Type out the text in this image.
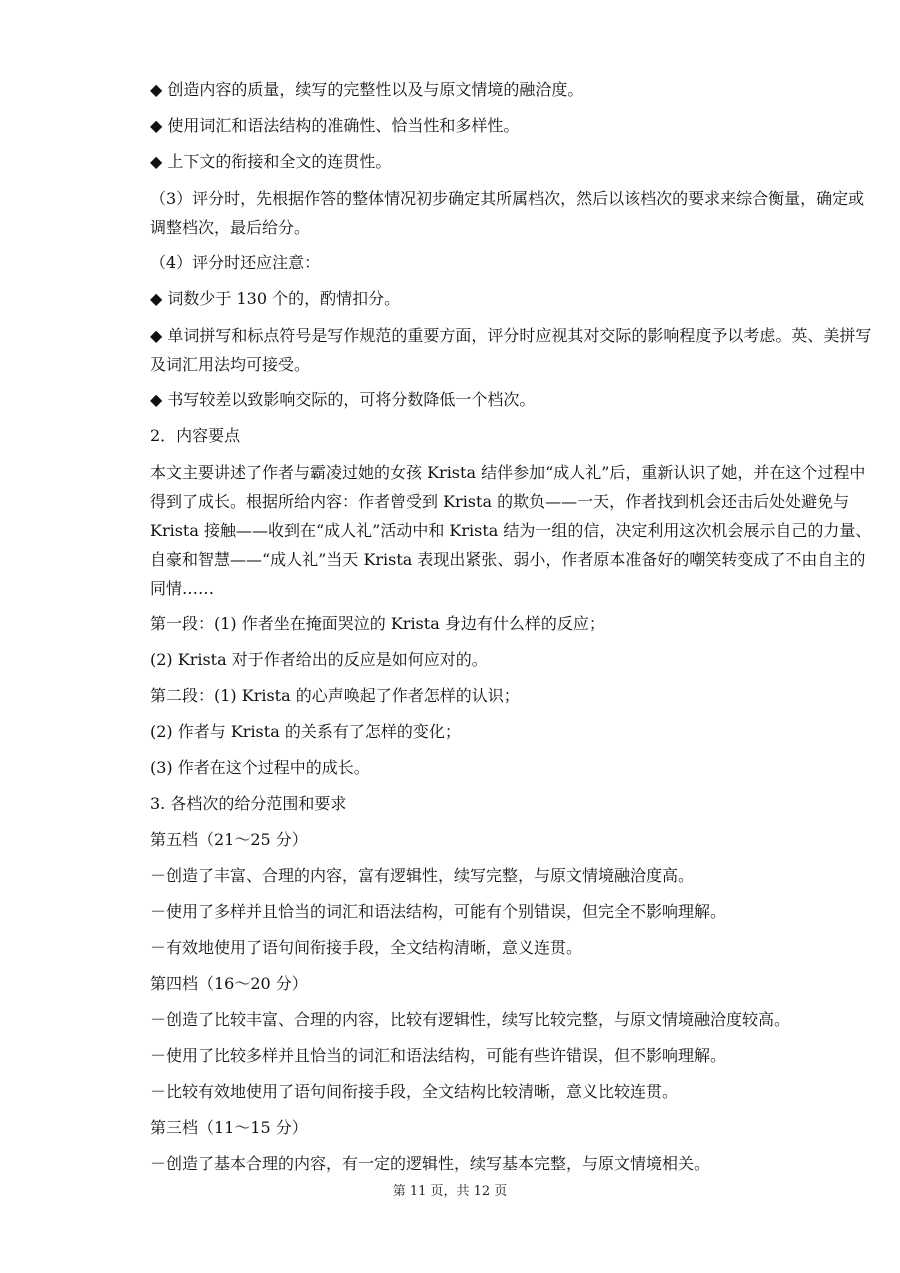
◆ 创造内容的质量，续写的完整性以及与原文情境的融洽度。

◆ 使用词汇和语法结构的准确性、恰当性和多样性。

◆ 上下文的衔接和全文的连贯性。

（3）评分时，先根据作答的整体情况初步确定其所属档次，然后以该档次的要求来综合衡量，确定或调整档次，最后给分。

（4）评分时还应注意：

◆ 词数少于 130 个的，酌情扣分。

◆ 单词拼写和标点符号是写作规范的重要方面，评分时应视其对交际的影响程度予以考虑。英、美拼写及词汇用法均可接受。

◆ 书写较差以致影响交际的，可将分数降低一个档次。

2．内容要点

本文主要讲述了作者与霸凌过她的女孩 Krista 结伴参加“成人礼”后，重新认识了她，并在这个过程中得到了成长。根据所给内容：作者曾受到 Krista 的欺负——一天，作者找到机会还击后处处避免与 Krista 接触——收到在“成人礼”活动中和 Krista 结为一组的信，决定利用这次机会展示自己的力量、自豪和智慧——“成人礼”当天 Krista 表现出紧张、弱小，作者原本准备好的嘲笑转变成了不由自主的同情……

第一段：(1) 作者坐在掩面哭泣的 Krista 身边有什么样的反应；

(2) Krista 对于作者给出的反应是如何应对的。

第二段：(1) Krista 的心声唤起了作者怎样的认识；

(2) 作者与 Krista 的关系有了怎样的变化；

(3) 作者在这个过程中的成长。

3. 各档次的给分范围和要求

第五档（21～25 分）

－创造了丰富、合理的内容，富有逻辑性，续写完整，与原文情境融洽度高。

－使用了多样并且恰当的词汇和语法结构，可能有个别错误，但完全不影响理解。

－有效地使用了语句间衔接手段，全文结构清晰，意义连贯。

第四档（16～20 分）

－创造了比较丰富、合理的内容，比较有逻辑性，续写比较完整，与原文情境融洽度较高。

－使用了比较多样并且恰当的词汇和语法结构，可能有些许错误，但不影响理解。

－比较有效地使用了语句间衔接手段，全文结构比较清晰，意义比较连贯。

第三档（11～15 分）

－创造了基本合理的内容，有一定的逻辑性，续写基本完整，与原文情境相关。

第 11 页，共 12 页
